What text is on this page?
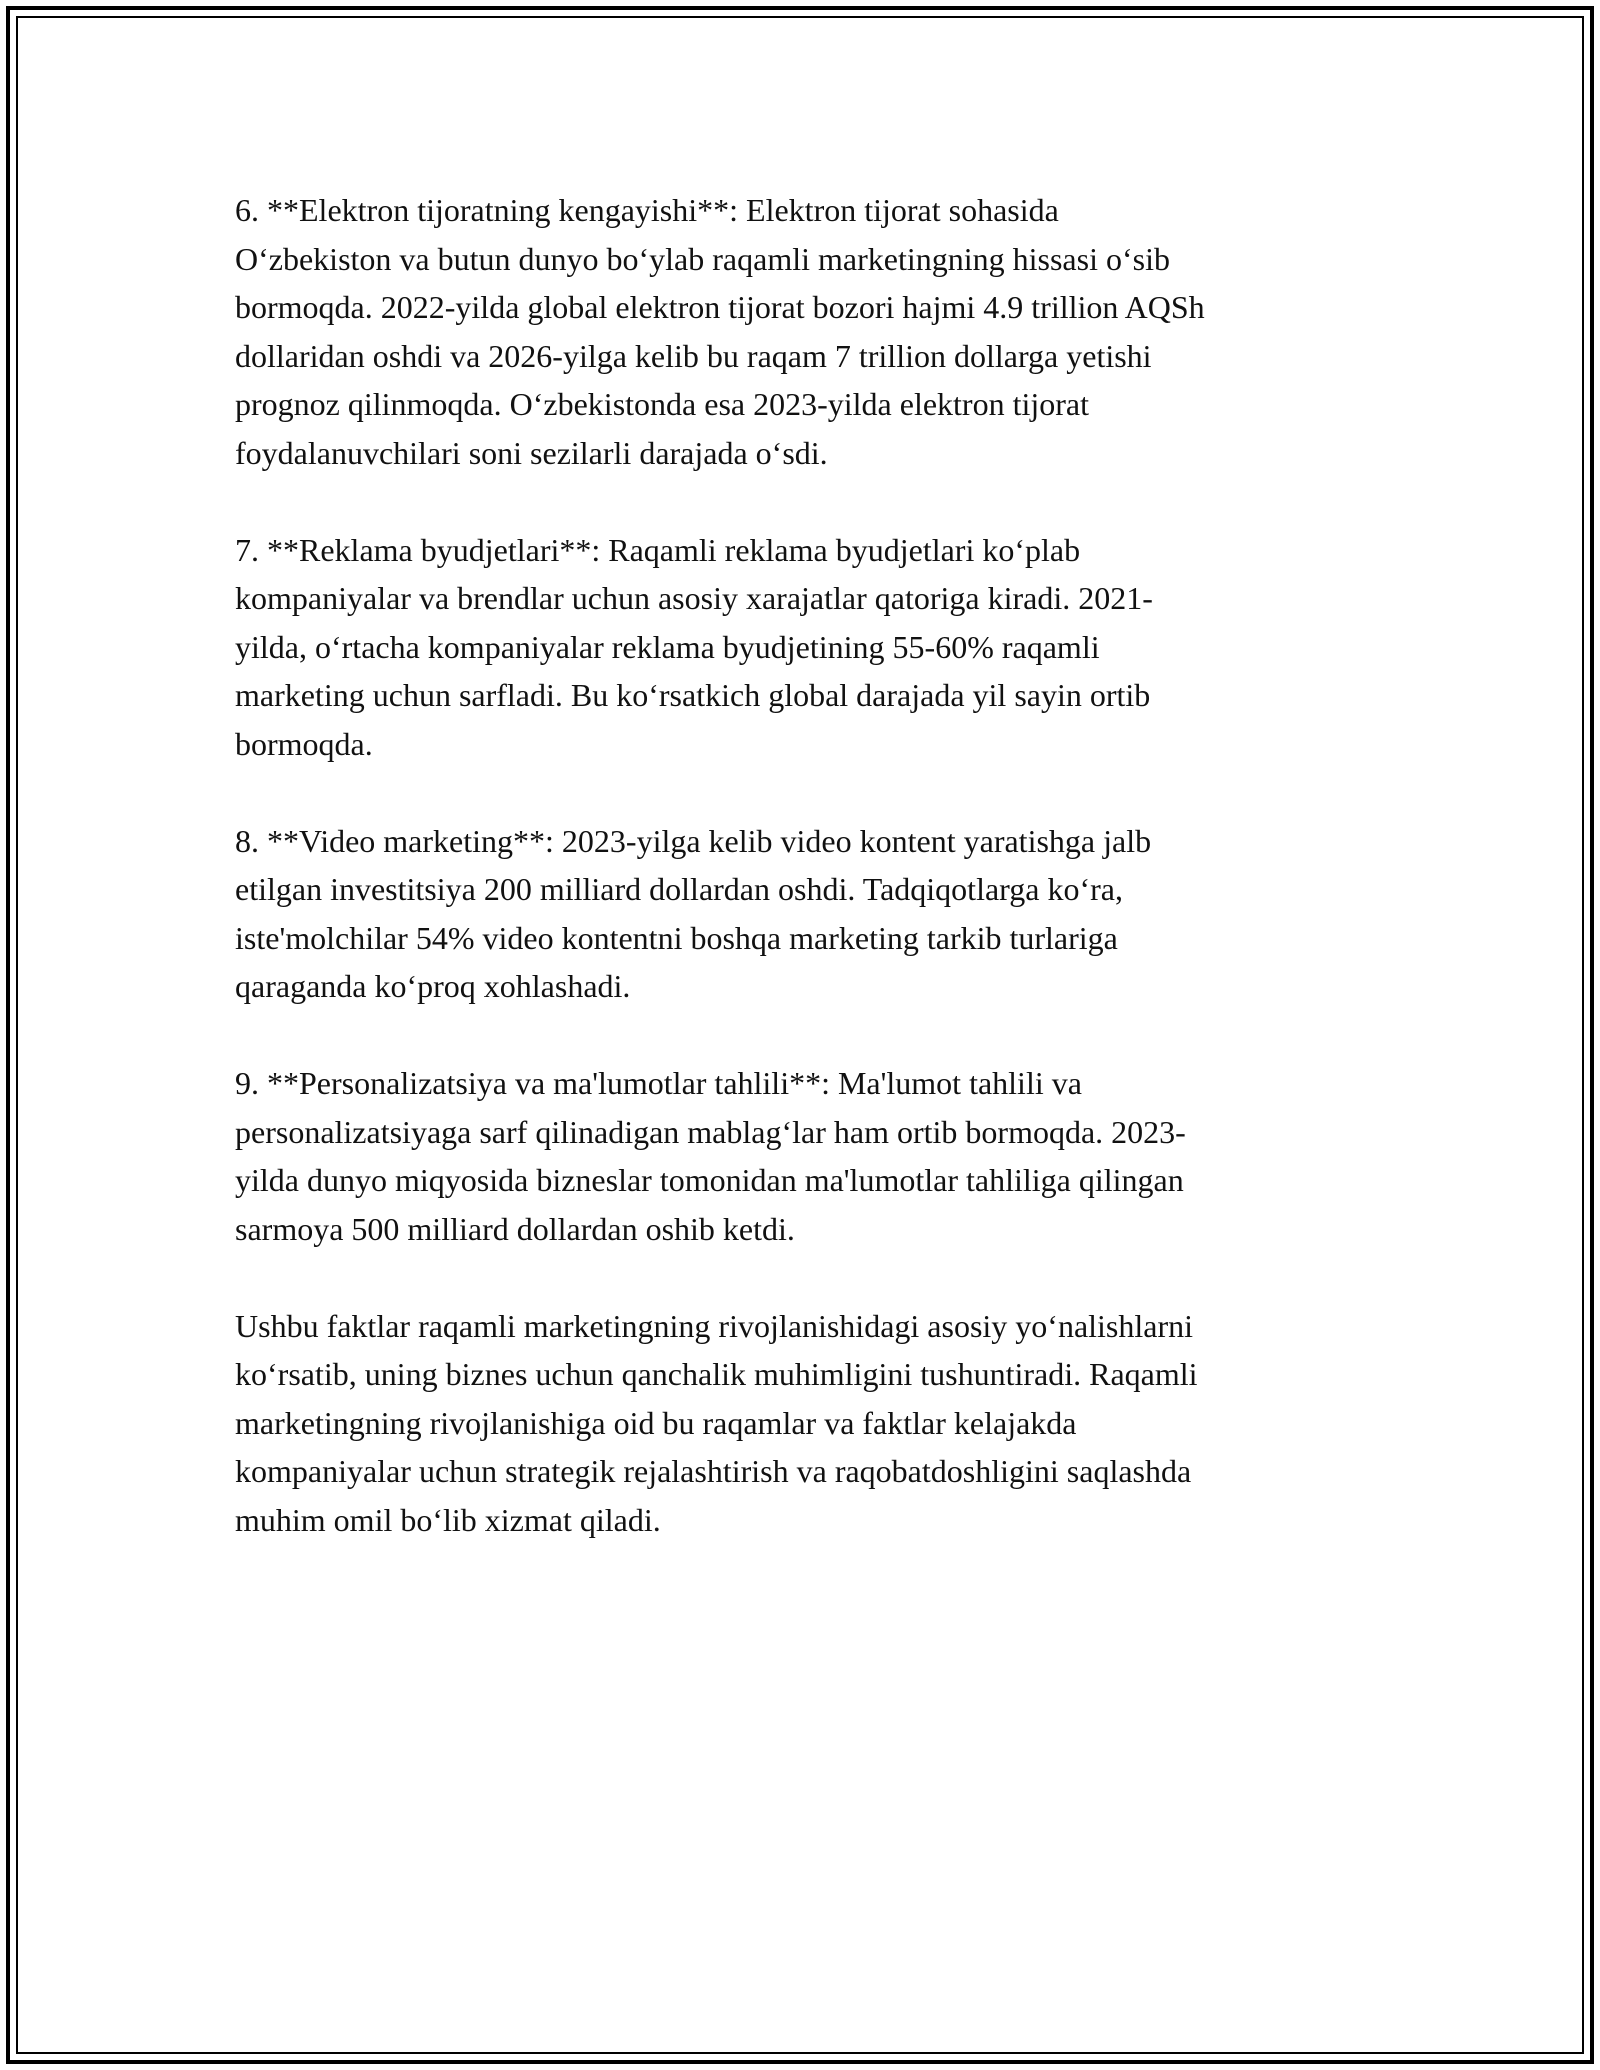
6. **Elektron tijoratning kengayishi**: Elektron tijorat sohasida
O‘zbekiston va butun dunyo bo‘ylab raqamli marketingning hissasi o‘sib
bormoqda. 2022-yilda global elektron tijorat bozori hajmi 4.9 trillion AQSh
dollaridan oshdi va 2026-yilga kelib bu raqam 7 trillion dollarga yetishi
prognoz qilinmoqda. O‘zbekistonda esa 2023-yilda elektron tijorat
foydalanuvchilari soni sezilarli darajada o‘sdi.

7. **Reklama byudjetlari**: Raqamli reklama byudjetlari ko‘plab
kompaniyalar va brendlar uchun asosiy xarajatlar qatoriga kiradi. 2021-
yilda, o‘rtacha kompaniyalar reklama byudjetining 55-60% raqamli
marketing uchun sarfladi. Bu ko‘rsatkich global darajada yil sayin ortib
bormoqda.

8. **Video marketing**: 2023-yilga kelib video kontent yaratishga jalb
etilgan investitsiya 200 milliard dollardan oshdi. Tadqiqotlarga ko‘ra,
iste'molchilar 54% video kontentni boshqa marketing tarkib turlariga
qaraganda ko‘proq xohlashadi.

9. **Personalizatsiya va ma'lumotlar tahlili**: Ma'lumot tahlili va
personalizatsiyaga sarf qilinadigan mablag‘lar ham ortib bormoqda. 2023-
yilda dunyo miqyosida bizneslar tomonidan ma'lumotlar tahliliga qilingan
sarmoya 500 milliard dollardan oshib ketdi.

Ushbu faktlar raqamli marketingning rivojlanishidagi asosiy yo‘nalishlarni
ko‘rsatib, uning biznes uchun qanchalik muhimligini tushuntiradi. Raqamli
marketingning rivojlanishiga oid bu raqamlar va faktlar kelajakda
kompaniyalar uchun strategik rejalashtirish va raqobatdoshligini saqlashda
muhim omil bo‘lib xizmat qiladi.
